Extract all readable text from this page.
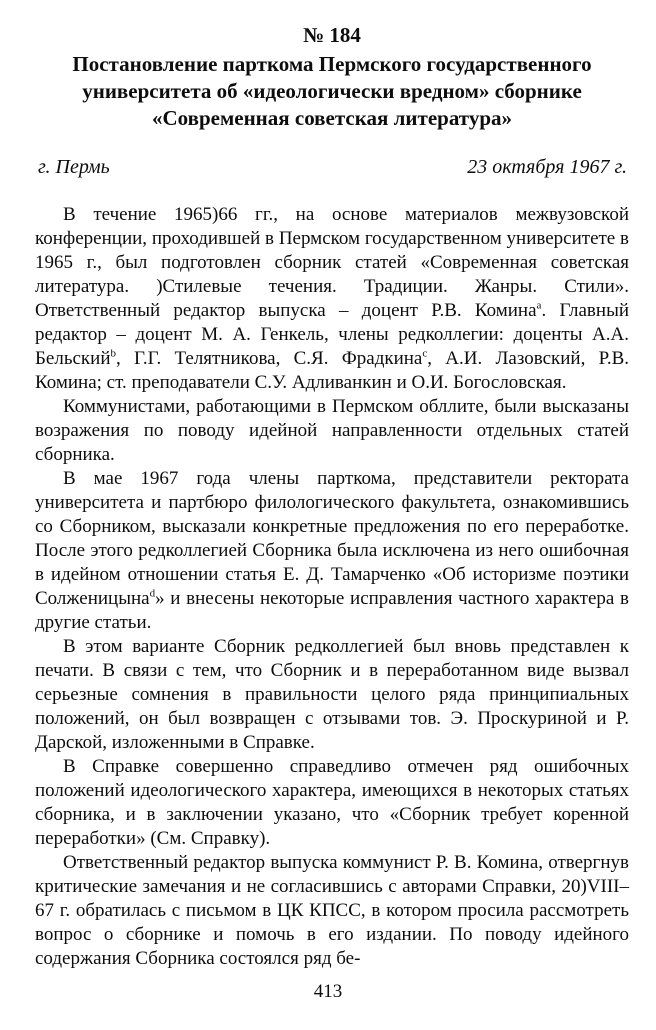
№ 184
Постановление парткома Пермского государственного
университета об «идеологически вредном» сборнике
«Современная советская литература»
г. Пермь	23 октября 1967 г.

В течение 1965)66 гг., на основе материалов межвузовской конференции, проходившей в Пермском государственном университете в 1965 г., был подготовлен сборник статей «Современная советская литература. )Стилевые течения. Традиции. Жанры. Стили». Ответственный редактор выпуска – доцент Р.В. Комина$^a$. Главный редактор – доцент М. А. Генкель, члены редколлегии: доценты А.А. Бельский$^b$, Г.Г. Телятникова, С.Я. Фрадкина$^c$, А.И. Лазовский, Р.В. Комина; ст. преподаватели С.У. Адливанкин и О.И. Богословская.

Коммунистами, работающими в Пермском обллите, были высказаны возражения по поводу идейной направленности отдельных статей сборника.

В мае 1967 года члены парткома, представители ректората университета и партбюро филологического факультета, ознакомившись со Сборником, высказали конкретные предложения по его переработке. После этого редколлегией Сборника была исключена из него ошибочная в идейном отношении статья Е. Д. Тамарченко «Об историзме поэтики Солженицына$^d$» и внесены некоторые исправления частного характера в другие статьи.

В этом варианте Сборник редколлегией был вновь представлен к печати. В связи с тем, что Сборник и в переработанном виде вызвал серьезные сомнения в правильности целого ряда принципиальных положений, он был возвращен с отзывами тов. Э. Проскуриной и Р. Дарской, изложенными в Справке.

В Справке совершенно справедливо отмечен ряд ошибочных положений идеологического характера, имеющихся в некоторых статьях сборника, и в заключении указано, что «Сборник требует коренной переработки» (См. Справку).

Ответственный редактор выпуска коммунист Р. В. Комина, отвергнув критические замечания и не согласившись с авторами Справки, 20)VIII–67 г. обратилась с письмом в ЦК КПСС, в котором просила рассмотреть вопрос о сборнике и помочь в его издании. По поводу идейного содержания Сборника состоялся ряд бе-

413
